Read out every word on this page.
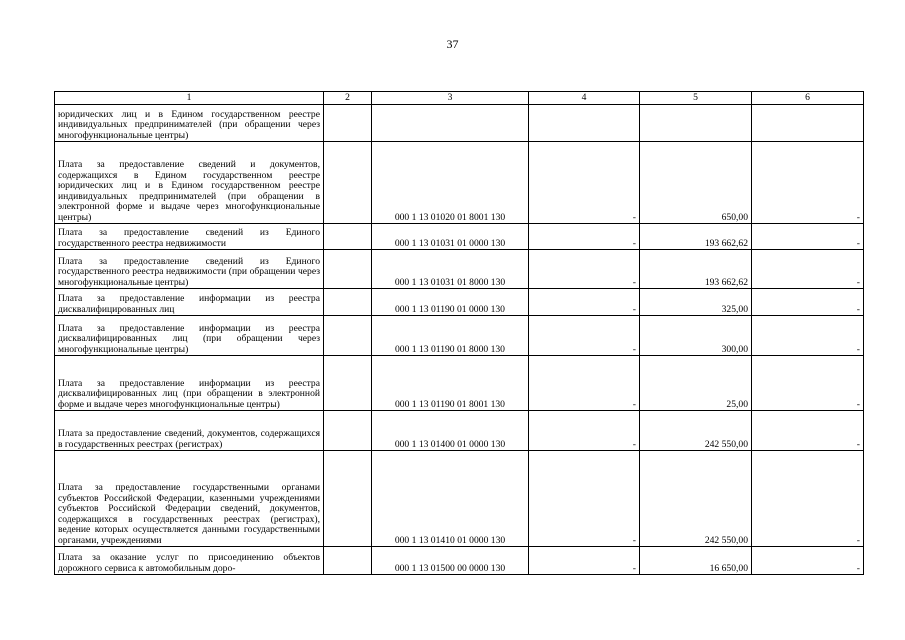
37
1	2	3	4	5	6
юридических лиц и в Едином государственном реестре индивидуальных предпринимателей (при обращении через многофункциональные центры)					
Плата за предоставление сведений и документов, содержащихся в Едином государственном реестре юридических лиц и в Едином государственном реестре индивидуальных предпринимателей (при обращении в электронной форме и выдаче через многофункциональные центры)		000 1 13 01020 01 8001 130	-	650,00	-
Плата за предоставление сведений из Единого государственного реестра недвижимости		000 1 13 01031 01 0000 130	-	193 662,62	-
Плата за предоставление сведений из Единого государственного реестра недвижимости (при обращении через многофункциональные центры)		000 1 13 01031 01 8000 130	-	193 662,62	-
Плата за предоставление информации из реестра дисквалифицированных лиц		000 1 13 01190 01 0000 130	-	325,00	-
Плата за предоставление информации из реестра дисквалифицированных лиц (при обращении через многофункциональные центры)		000 1 13 01190 01 8000 130	-	300,00	-
Плата за предоставление информации из реестра дисквалифицированных лиц (при обращении в электронной форме и выдаче через многофункциональные центры)		000 1 13 01190 01 8001 130	-	25,00	-
Плата за предоставление сведений, документов, содержащихся в государственных реестрах (регистрах)		000 1 13 01400 01 0000 130	-	242 550,00	-
Плата за предоставление государственными органами субъектов Российской Федерации, казенными учреждениями субъектов Российской Федерации сведений, документов, содержащихся в государственных реестрах (регистрах), ведение которых осуществляется данными государственными органами, учреждениями		000 1 13 01410 01 0000 130	-	242 550,00	-
Плата за оказание услуг по присоединению объектов дорожного сервиса к автомобильным доро-		000 1 13 01500 00 0000 130	-	16 650,00	-
